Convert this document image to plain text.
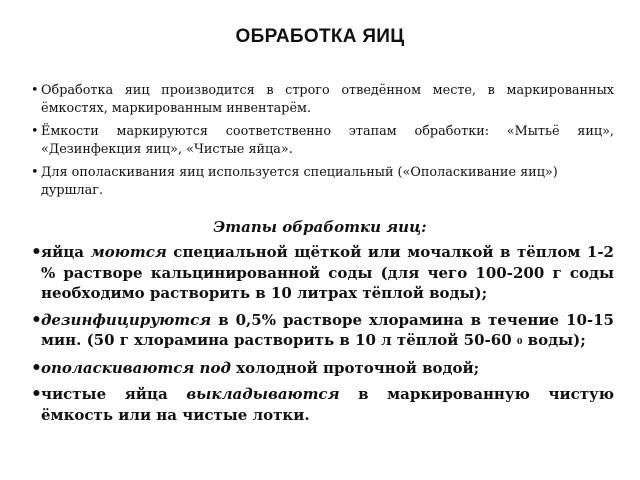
ОБРАБОТКА ЯИЦ
• Обработка яиц производится в строго отведённом месте, в маркированных ёмкостях, маркированным инвентарём.
• Ёмкости маркируются соответственно этапам обработки: «Мытьё яиц», «Дезинфекция яиц», «Чистые яйца».
• Для ополаскивания яиц используется специальный («Ополаскивание яиц») дуршлаг.
Этапы обработки яиц:
• яйца моются специальной щёткой или мочалкой в тёплом 1-2 % растворе кальцинированной соды (для чего 100-200 г соды необходимо растворить в 10 литрах тёплой воды);
• дезинфицируются в 0,5% растворе хлорамина в течение 10-15 мин. (50 г хлорамина растворить в 10 л тёплой 50-60 0 воды);
• ополаскиваются под холодной проточной водой;
• чистые яйца выкладываются в маркированную чистую ёмкость или на чистые лотки.
